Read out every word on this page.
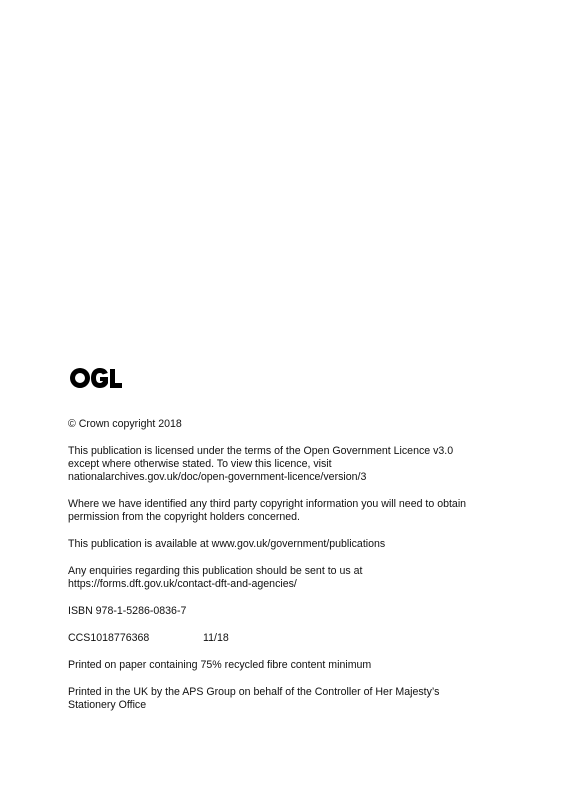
© Crown copyright 2018

This publication is licensed under the terms of the Open Government Licence v3.0
except where otherwise stated. To view this licence, visit
nationalarchives.gov.uk/doc/open-government-licence/version/3

Where we have identified any third party copyright information you will need to obtain
permission from the copyright holders concerned.

This publication is available at www.gov.uk/government/publications

Any enquiries regarding this publication should be sent to us at
https://forms.dft.gov.uk/contact-dft-and-agencies/

ISBN 978-1-5286-0836-7

CCS1018776368	11/18

Printed on paper containing 75% recycled fibre content minimum

Printed in the UK by the APS Group on behalf of the Controller of Her Majesty’s
Stationery Office
